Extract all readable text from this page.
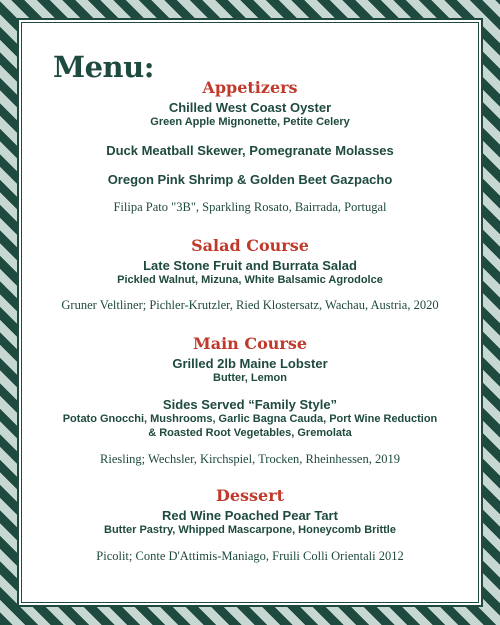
Menu:
Appetizers
Chilled West Coast Oyster
Green Apple Mignonette, Petite Celery
Duck Meatball Skewer, Pomegranate Molasses
Oregon Pink Shrimp & Golden Beet Gazpacho
Filipa Pato "3B", Sparkling Rosato, Bairrada, Portugal
Salad Course
Late Stone Fruit and Burrata Salad
Pickled Walnut, Mizuna, White Balsamic Agrodolce
Gruner Veltliner; Pichler-Krutzler, Ried Klostersatz, Wachau, Austria, 2020
Main Course
Grilled 2lb Maine Lobster
Butter, Lemon
Sides Served “Family Style”
Potato Gnocchi, Mushrooms, Garlic Bagna Cauda, Port Wine Reduction
& Roasted Root Vegetables, Gremolata
Riesling; Wechsler, Kirchspiel, Trocken, Rheinhessen, 2019
Dessert
Red Wine Poached Pear Tart
Butter Pastry, Whipped Mascarpone, Honeycomb Brittle
Picolit; Conte D'Attimis-Maniago, Fruili Colli Orientali 2012
